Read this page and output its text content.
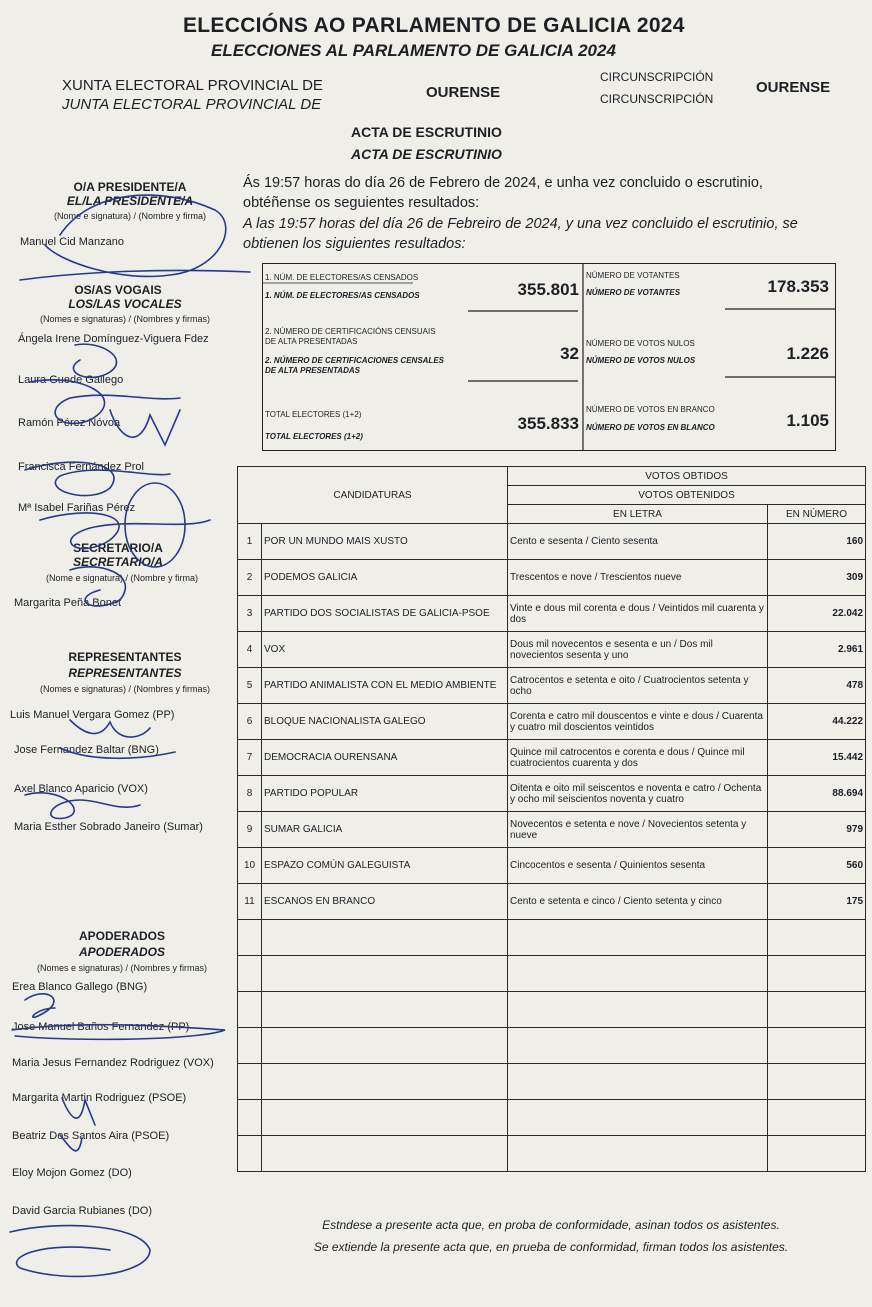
ELECCIÓNS AO PARLAMENTO DE GALICIA 2024
ELECCIONES AL PARLAMENTO DE GALICIA 2024
XUNTA ELECTORAL PROVINCIAL DE
JUNTA ELECTORAL PROVINCIAL DE
OURENSE
CIRCUNSCRIPCIÓN
CIRCUNSCRIPCIÓN
OURENSE
ACTA DE ESCRUTINIO
ACTA DE ESCRUTINIO
Ás 19:57 horas do día 26 de Febrero de 2024, e unha vez concluido o escrutinio,
obtéñense os seguientes resultados:
A las 19:57 horas del día 26 de Febreiro de 2024, y una vez concluido el escrutinio, se
obtienen los siguientes resultados:
O/A PRESIDENTE/A
EL/LA PRESIDENTE/A
(Nome e signatura) / (Nombre y firma)
Manuel Cid Manzano
OS/AS VOGAIS
LOS/LAS VOCALES
(Nomes e signaturas) / (Nombres y firmas)
Ángela Irene Domínguez-Viguera Fdez
Laura Guede Gallego
Ramón Pérez Nóvoa
Francisca Fernández Prol
Mª Isabel Fariñas Pérez
SECRETARIO/A
SECRETARIO/A
(Nome e signatura) / (Nombre y firma)
Margarita Peña Bonet
REPRESENTANTES
REPRESENTANTES
(Nomes e signaturas) / (Nombres y firmas)
Luis Manuel Vergara Gomez (PP)
Jose Fernandez Baltar (BNG)
Axel Blanco Aparicio (VOX)
Maria Esther Sobrado Janeiro (Sumar)
APODERADOS
APODERADOS
(Nomes e signaturas) / (Nombres y firmas)
Erea Blanco Gallego (BNG)
Jose Manuel Baños Fernandez (PP)
Maria Jesus Fernandez Rodriguez (VOX)
Margarita Martin Rodriguez (PSOE)
Beatriz Dos Santos Aira (PSOE)
Eloy Mojon Gomez (DO)
David Garcia Rubianes (DO)
1. NÚM. DE ELECTORES/AS CENSADOS
1. NÚM. DE ELECTORES/AS CENSADOS	355.801
2. NÚMERO DE CERTIFICACIÓNS CENSUAIS DE ALTA PRESENTADAS
2. NÚMERO DE CERTIFICACIONES CENSALES DE ALTA PRESENTADAS
32
TOTAL ELECTORES (1+2)
TOTAL ELECTORES (1+2)
355.833
NÚMERO DE VOTANTES
NÚMERO DE VOTANTES	178.353
NÚMERO DE VOTOS NULOS
NÚMERO DE VOTOS NULOS	1.226
NÚMERO DE VOTOS EN BRANCO
NÚMERO DE VOTOS EN BLANCO	1.105
CANDIDATURAS		VOTOS OBTIDOS	
		VOTOS OBTENIDOS	
		EN LETRA	EN NÚMERO
1	POR UN MUNDO MAIS XUSTO	Cento e sesenta / Ciento sesenta	160
2	PODEMOS GALICIA	Trescentos e nove / Trescientos nueve	309
3	PARTIDO DOS SOCIALISTAS DE GALICIA-PSOE	Vinte e dous mil corenta e dous / Veintidos mil cuarenta y dos	22.042
4	VOX	Dous mil novecentos e sesenta e un / Dos mil novecientos sesenta y uno	2.961
5	PARTIDO ANIMALISTA CON EL MEDIO AMBIENTE	Catrocentos e setenta e oito / Cuatrocientos setenta y ocho	478
6	BLOQUE NACIONALISTA GALEGO	Corenta e catro mil douscentos e vinte e dous / Cuarenta y cuatro mil doscientos veintidos	44.222
7	DEMOCRACIA OURENSANA	Quince mil catrocentos e corenta e dous / Quince mil cuatrocientos cuarenta y dos	15.442
8	PARTIDO POPULAR	Oitenta e oito mil seiscentos e noventa e catro / Ochenta y ocho mil seiscientos noventa y cuatro	88.694
9	SUMAR GALICIA	Novecentos e setenta e nove / Novecientos setenta y nueve	979
10	ESPAZO COMÚN GALEGUISTA	Cincocentos e sesenta / Quinientos sesenta	560
11	ESCANOS EN BRANCO	Cento e setenta e cinco / Ciento setenta y cinco	175

Estndese a presente acta que, en proba de conformidade, asinan todos os asistentes.
Se extiende la presente acta que, en prueba de conformidad, firman todos los asistentes.
